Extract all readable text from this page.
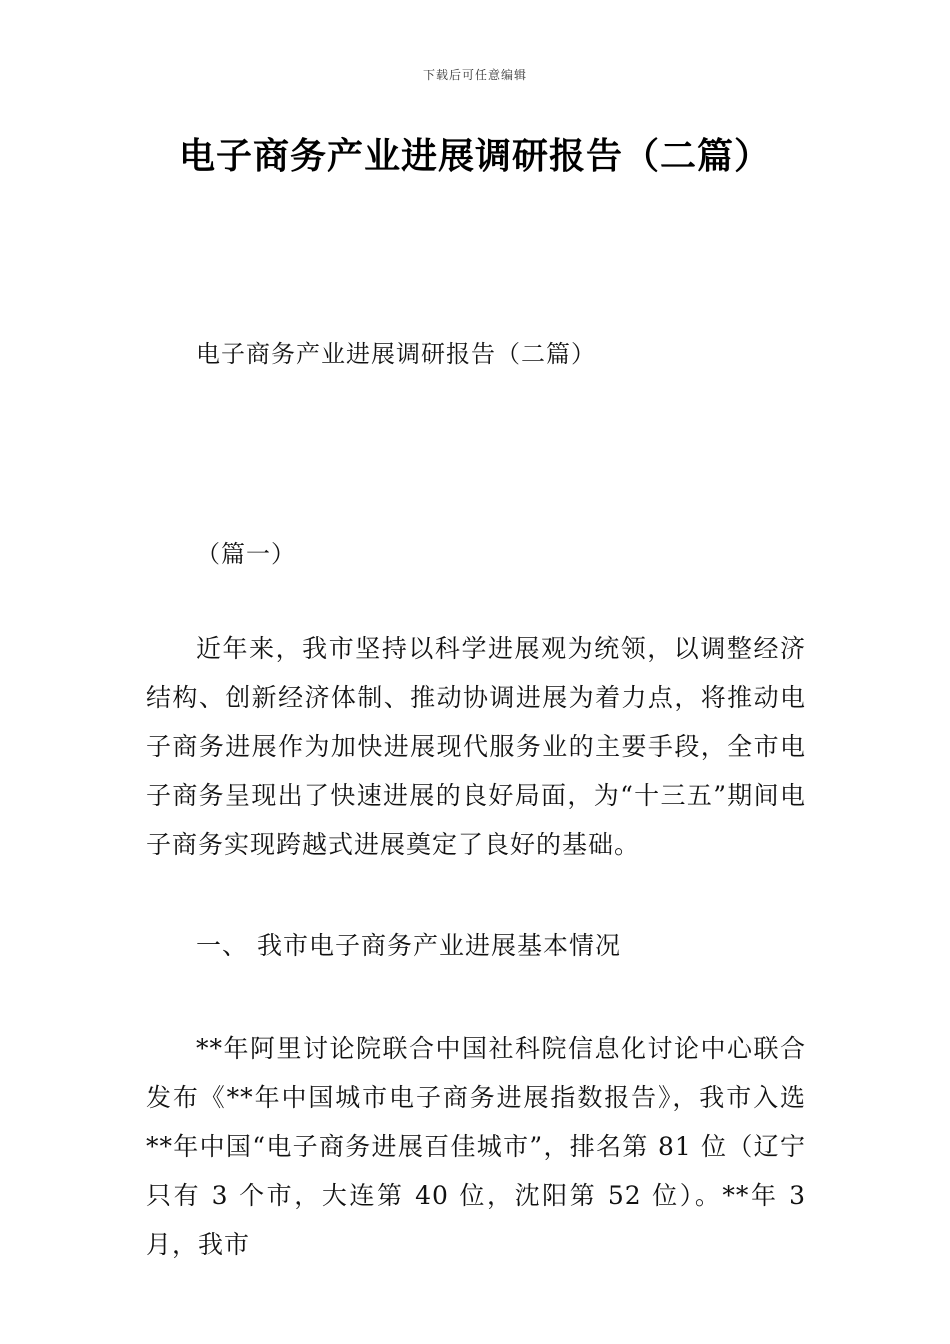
下载后可任意编辑
电子商务产业进展调研报告（二篇）
电子商务产业进展调研报告（二篇）
（篇一）

近年来，我市坚持以科学进展观为统领，以调整经济结构、创新经济体制、推动协调进展为着力点，将推动电子商务进展作为加快进展现代服务业的主要手段，全市电子商务呈现出了快速进展的良好局面，为“十三五”期间电子商务实现跨越式进展奠定了良好的基础。

一、 我市电子商务产业进展基本情况

**年阿里讨论院联合中国社科院信息化讨论中心联合发布《**年中国城市电子商务进展指数报告》，我市入选**年中国“电子商务进展百佳城市”，排名第 81 位（辽宁只有 3 个市，大连第 40 位，沈阳第 52 位）。**年 3 月，我市
